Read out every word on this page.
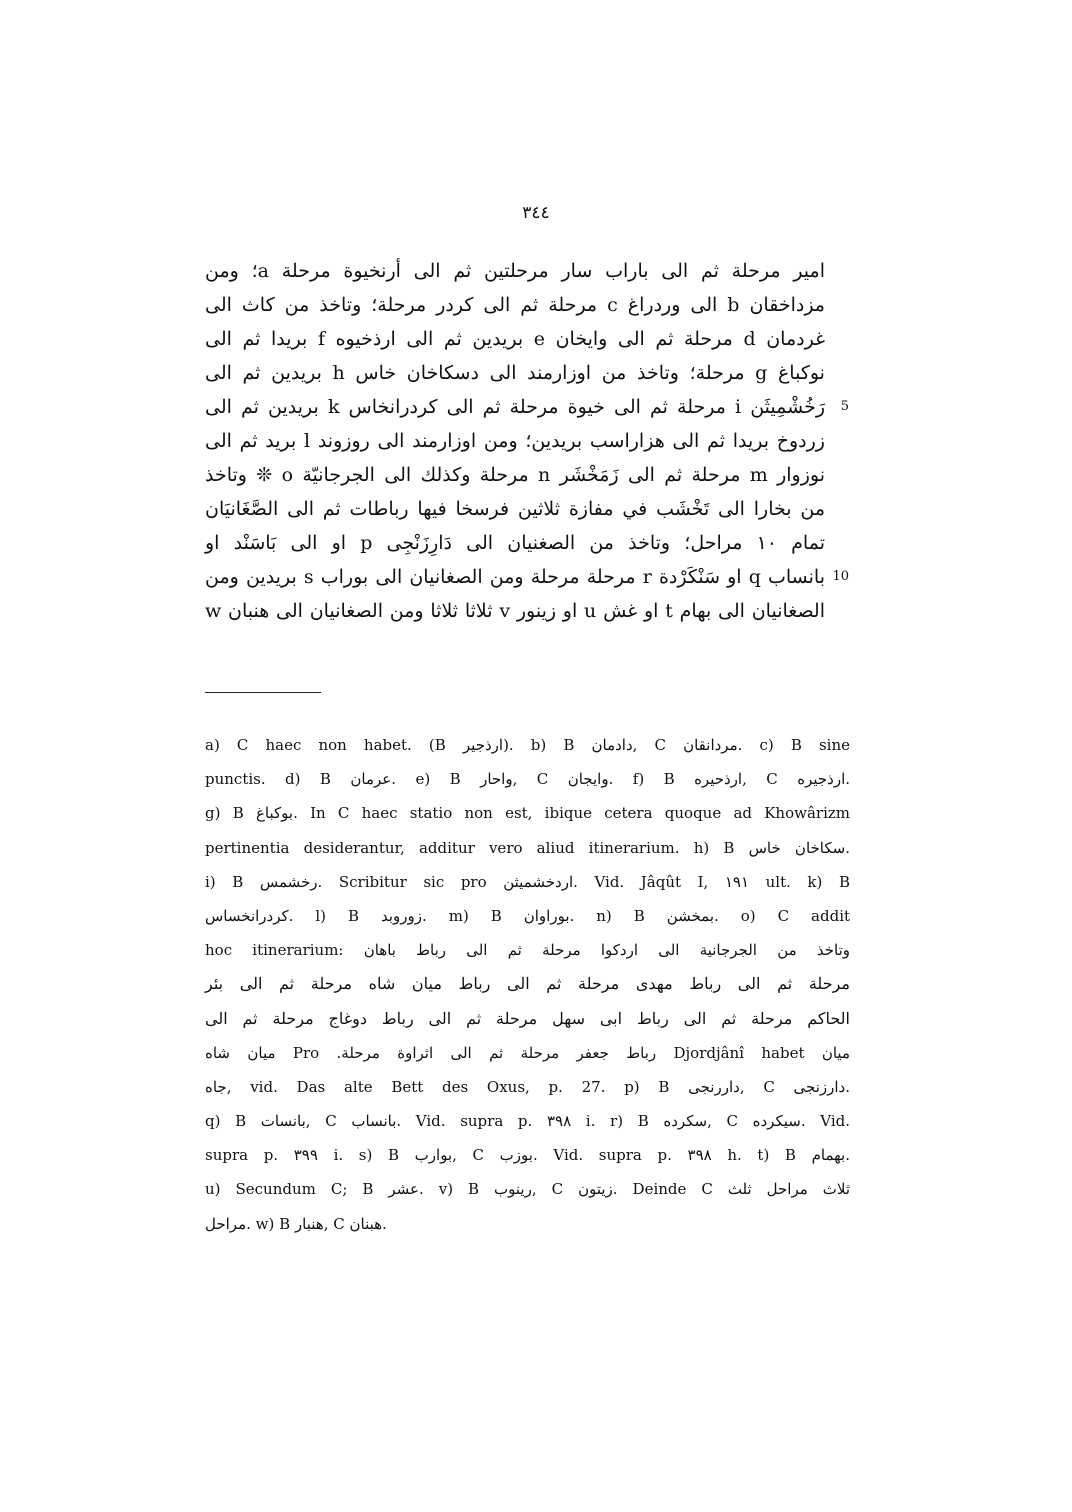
٣٤٤
امير مرحلة ثم الى باراب سار مرحلتين ثم الى أرنخيوة مرحلة a؛ ومن
مزداخقان b الى وردراغ c مرحلة ثم الى كردر مرحلة؛ وتاخذ من كاث الى
غردمان d مرحلة ثم الى وايخان e بريدين ثم الى ارذخيوه f بريدا ثم الى
نوكباغ g مرحلة؛ وتاخذ من اوزارمند الى دسكاخان خاس h بريدين ثم الى
رَخُشْمِيثَن i مرحلة ثم الى خيوة مرحلة ثم الى كردرانخاس k بريدين ثم الى 5
زردوخ بريدا ثم الى هزاراسب بريدين؛ ومن اوزارمند الى روزوند l بريد ثم الى
نوزوار m مرحلة ثم الى زَمَخْشَر n مرحلة وكذلك الى الجرجانيّة o ❊ وتاخذ
من بخارا الى تَخْشَب في مفازة ثلاثين فرسخا فيها رباطات ثم الى الصَّغَانيَان
تمام ١٠ مراحل؛ وتاخذ من الصغنيان الى دَارِزَنْجِى p او الى بَاسَنْد او
بانساب q او سَنْكَرْدة r مرحلة مرحلة ومن الصغانيان الى بوراب s بريدين ومن 10
الصغانيان الى بهام t او غش u او زينور v ثلاثا ثلاثا ومن الصغانيان الى هنبان w
a) C haec non habet. (B ارذجير). b) B دادمان, C مردانقان. c) B sine
punctis. d) B عرمان. e) B واحار, C وايجان. f) B ارذحيره, C ارذجيره.
g) B بوكباغ. In C haec statio non est, ibique cetera quoque ad Khowârizm
pertinentia desiderantur, additur vero aliud itinerarium. h) B سكاخان خاس.
i) B رخشمس. Scribitur sic pro اردخشميثن. Vid. Jâqût I, ١٩١ ult. k) B
كردرانخساس. l) B زوروبد. m) B بوراوان. n) B بمخشن. o) C addit
hoc itinerarium: وتاخذ من الجرجانية الى اردكوا مرحلة ثم الى رباط باهان
مرحلة ثم الى رباط مهدى مرحلة ثم الى رباط ميان شاه مرحلة ثم الى بئر
الحاكم مرحلة ثم الى رباط ابى سهل مرحلة ثم الى رباط دوغاج مرحلة ثم الى
ميان شاه Pro .رباط جعفر مرحلة ثم الى اثراوة مرحلة Djordjânî habet ميان
جاه, vid. Das alte Bett des Oxus, p. 27. p) B داررنجى, C دارزنجى.
q) B بانسات, C بانساب. Vid. supra p. ٣٩٨ i. r) B سكرده, C سيكرده. Vid.
supra p. ٣٩٩ i. s) B بوارب, C بوزب. Vid. supra p. ٣٩٨ h. t) B بهمام.
u) Secundum C; B عشر. v) B رينوب, C زيتون. Deinde C ثلاث مراحل ثلث
مراحل. w) B هنبار, C هبنان.
